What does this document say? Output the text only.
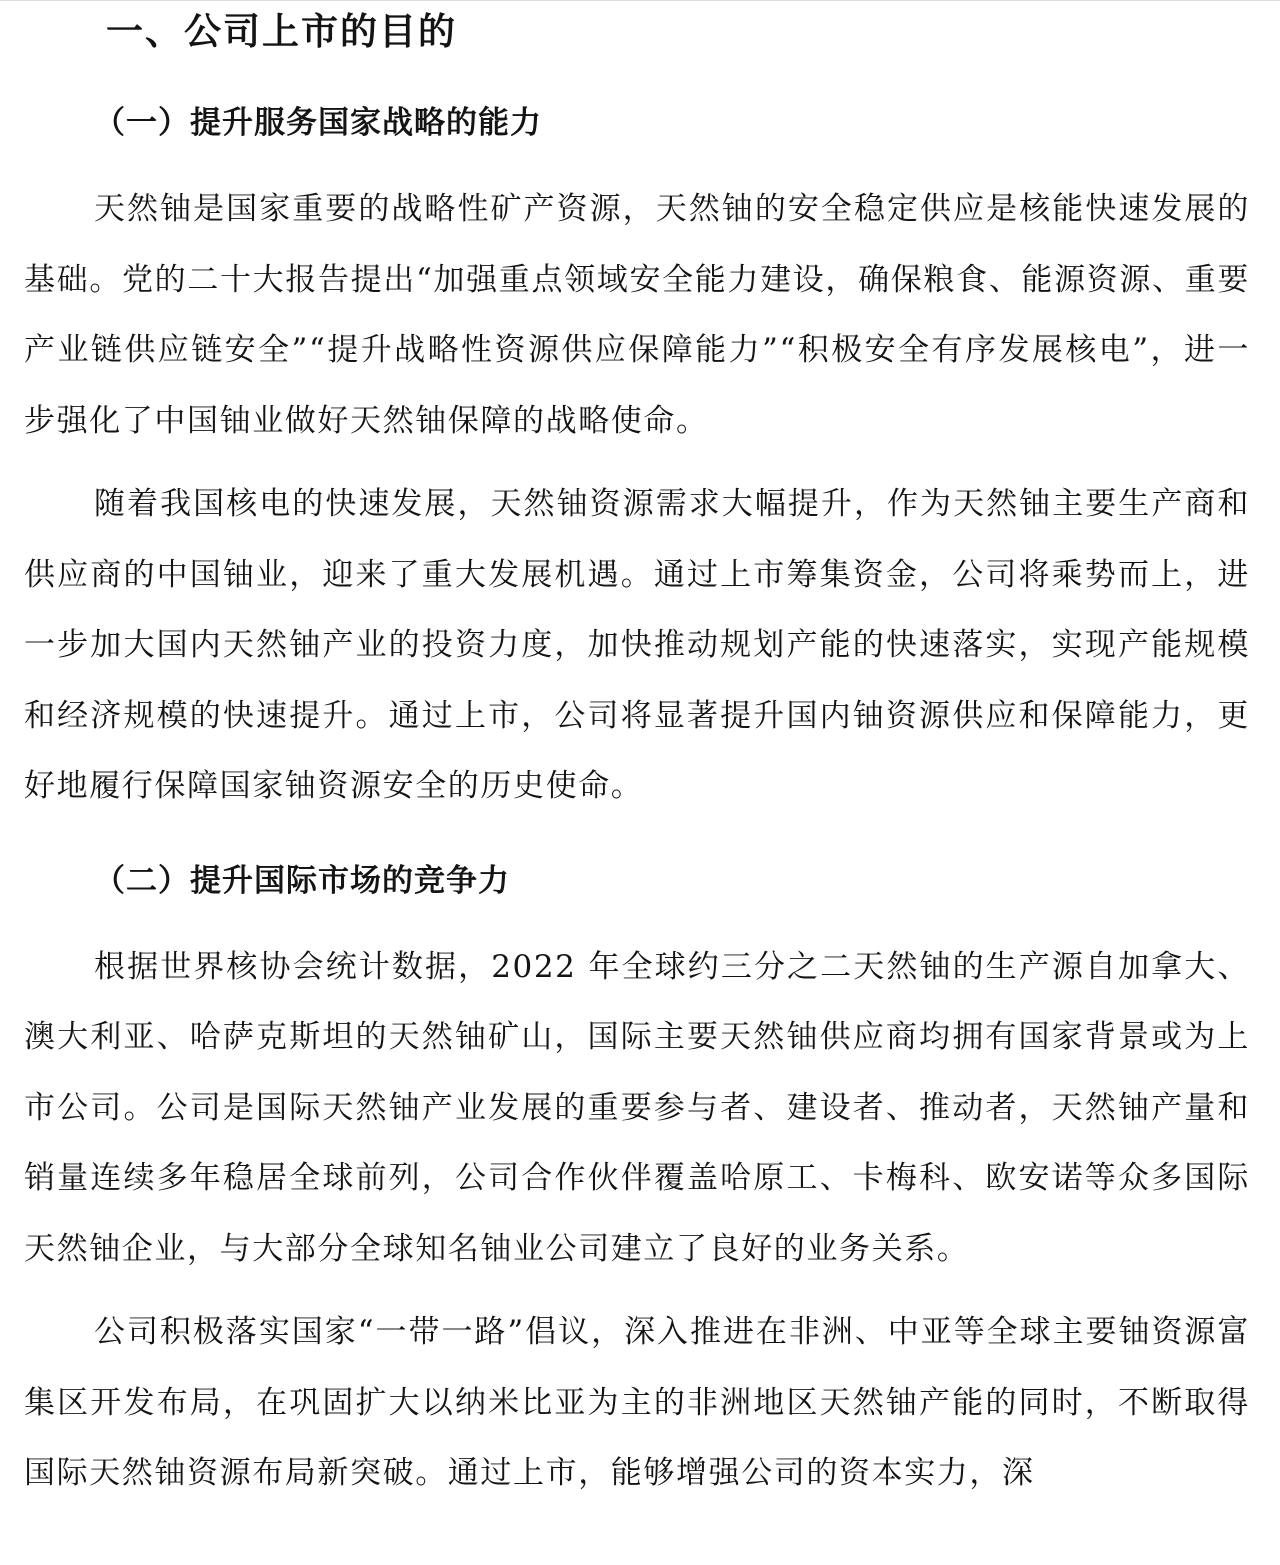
一、公司上市的目的
（一）提升服务国家战略的能力

天然铀是国家重要的战略性矿产资源，天然铀的安全稳定供应是核能快速发展的基础。党的二十大报告提出“加强重点领域安全能力建设，确保粮食、能源资源、重要产业链供应链安全”“提升战略性资源供应保障能力”“积极安全有序发展核电”，进一步强化了中国铀业做好天然铀保障的战略使命。

随着我国核电的快速发展，天然铀资源需求大幅提升，作为天然铀主要生产商和供应商的中国铀业，迎来了重大发展机遇。通过上市筹集资金，公司将乘势而上，进一步加大国内天然铀产业的投资力度，加快推动规划产能的快速落实，实现产能规模和经济规模的快速提升。通过上市，公司将显著提升国内铀资源供应和保障能力，更好地履行保障国家铀资源安全的历史使命。

（二）提升国际市场的竞争力

根据世界核协会统计数据，2022 年全球约三分之二天然铀的生产源自加拿大、澳大利亚、哈萨克斯坦的天然铀矿山，国际主要天然铀供应商均拥有国家背景或为上市公司。公司是国际天然铀产业发展的重要参与者、建设者、推动者，天然铀产量和销量连续多年稳居全球前列，公司合作伙伴覆盖哈原工、卡梅科、欧安诺等众多国际天然铀企业，与大部分全球知名铀业公司建立了良好的业务关系。

公司积极落实国家“一带一路”倡议，深入推进在非洲、中亚等全球主要铀资源富集区开发布局，在巩固扩大以纳米比亚为主的非洲地区天然铀产能的同时，不断取得国际天然铀资源布局新突破。通过上市，能够增强公司的资本实力，深
